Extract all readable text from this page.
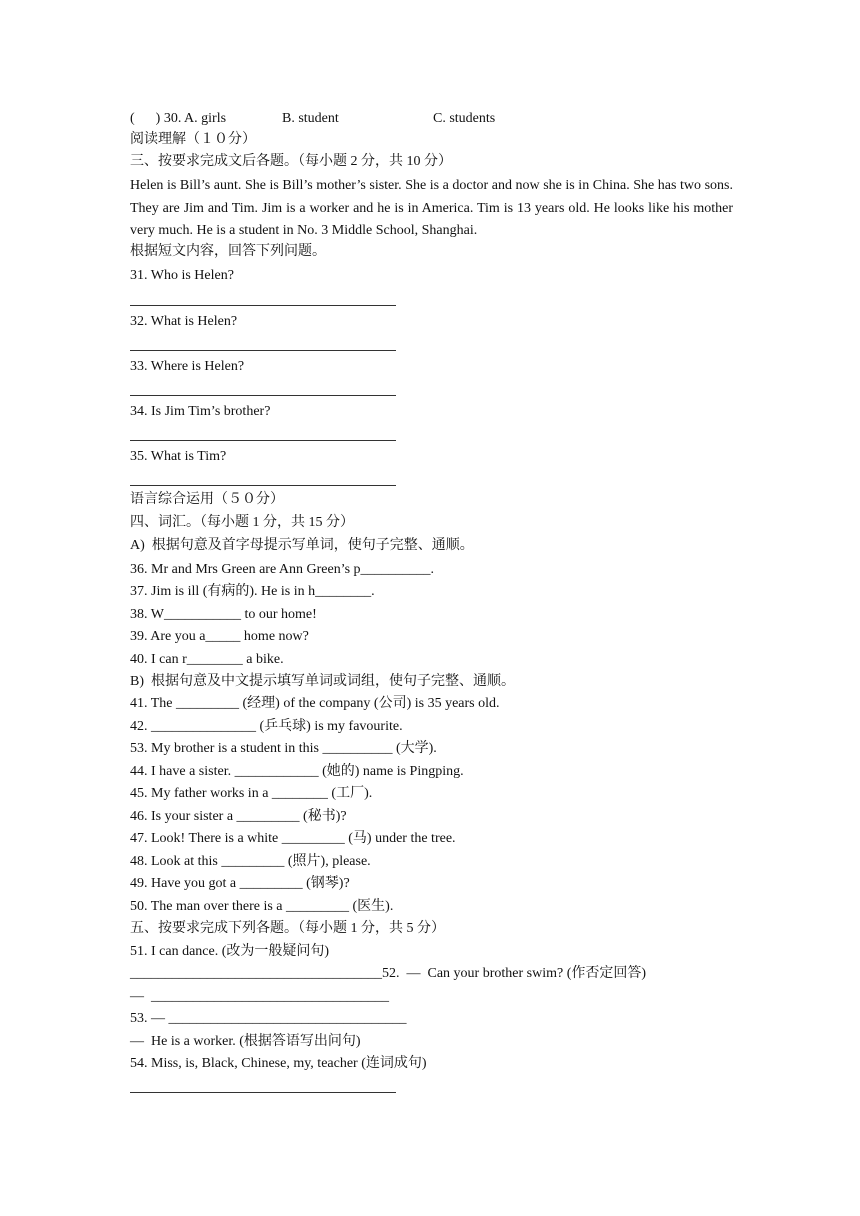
(      ) 30. A. girls	B. student	C. students
阅读理解（１０分）
三、按要求完成文后各题。（每小题 2 分，共 10 分）
Helen is Bill’s aunt. She is Bill’s mother’s sister. She is a doctor and now she is in China. She has two sons. They are Jim and Tim. Jim is a worker and he is in America. Tim is 13 years old. He looks like his mother very much. He is a student in No. 3 Middle School, Shanghai.
根据短文内容，回答下列问题。
31. Who is Helen?
32. What is Helen?
33. Where is Helen?
34. Is Jim Tim’s brother?
35. What is Tim?
语言综合运用（５０分）
四、词汇。（每小题 1 分，共 15 分）
A)  根据句意及首字母提示写单词，使句子完整、通顺。
36. Mr and Mrs Green are Ann Green’s p__________.
37. Jim is ill (有病的). He is in h________.
38. W___________ to our home!
39. Are you a_____ home now?
40. I can r________ a bike.
B)  根据句意及中文提示填写单词或词组，使句子完整、通顺。
41. The _________ (经理) of the company (公司) is 35 years old.
42. _______________ (乒乓球) is my favourite.
53. My brother is a student in this __________ (大学).
44. I have a sister. ____________ (她的) name is Pingping.
45. My father works in a ________ (工厂).
46. Is your sister a _________ (秘书)?
47. Look! There is a white _________ (马) under the tree.
48. Look at this _________ (照片), please.
49. Have you got a _________ (钢琴)?
50. The man over there is a _________ (医生).
五、按要求完成下列各题。（每小题 1 分，共 5 分）
51. I can dance. (改为一般疑问句)
____________________________________52.  —  Can your brother swim? (作否定回答)
—  __________________________________
53. — __________________________________
—  He is a worker. (根据答语写出问句)
54. Miss, is, Black, Chinese, my, teacher (连词成句)
